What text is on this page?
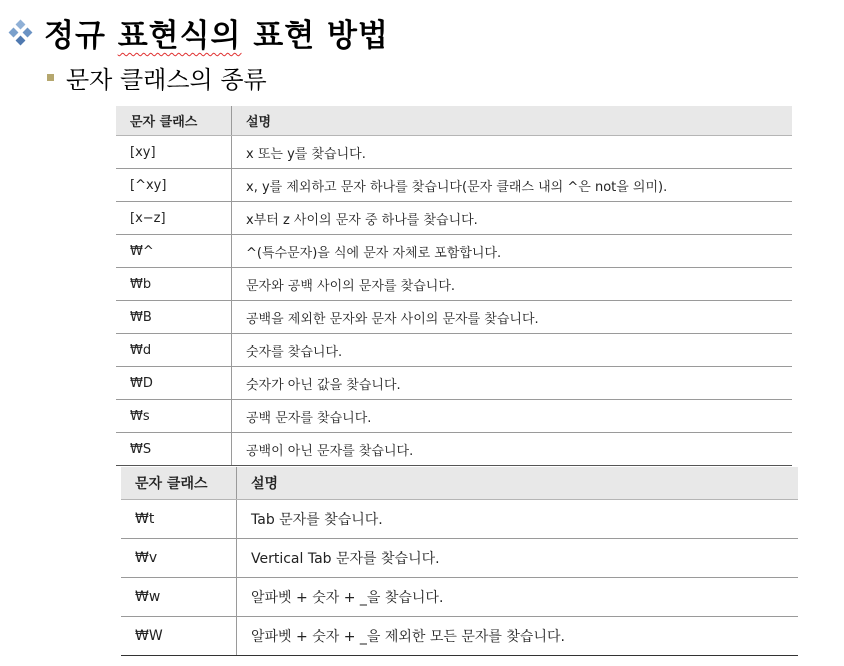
정규 표현식의 표현 방법
문자 클래스의 종류
문자 클래스	설명
[xy]	x 또는 y를 찾습니다.
[^xy]	x, y를 제외하고 문자 하나를 찾습니다(문자 클래스 내의 ^은 not을 의미).
[x−z]	x부터 z 사이의 문자 중 하나를 찾습니다.
₩^	^(특수문자)을 식에 문자 자체로 포함합니다.
₩b	문자와 공백 사이의 문자를 찾습니다.
₩B	공백을 제외한 문자와 문자 사이의 문자를 찾습니다.
₩d	숫자를 찾습니다.
₩D	숫자가 아닌 값을 찾습니다.
₩s	공백 문자를 찾습니다.
₩S	공백이 아닌 문자를 찾습니다.
문자 클래스	설명
₩t	Tab 문자를 찾습니다.
₩v	Vertical Tab 문자를 찾습니다.
₩w	알파벳 + 숫자 + _을 찾습니다.
₩W	알파벳 + 숫자 + _을 제외한 모든 문자를 찾습니다.
